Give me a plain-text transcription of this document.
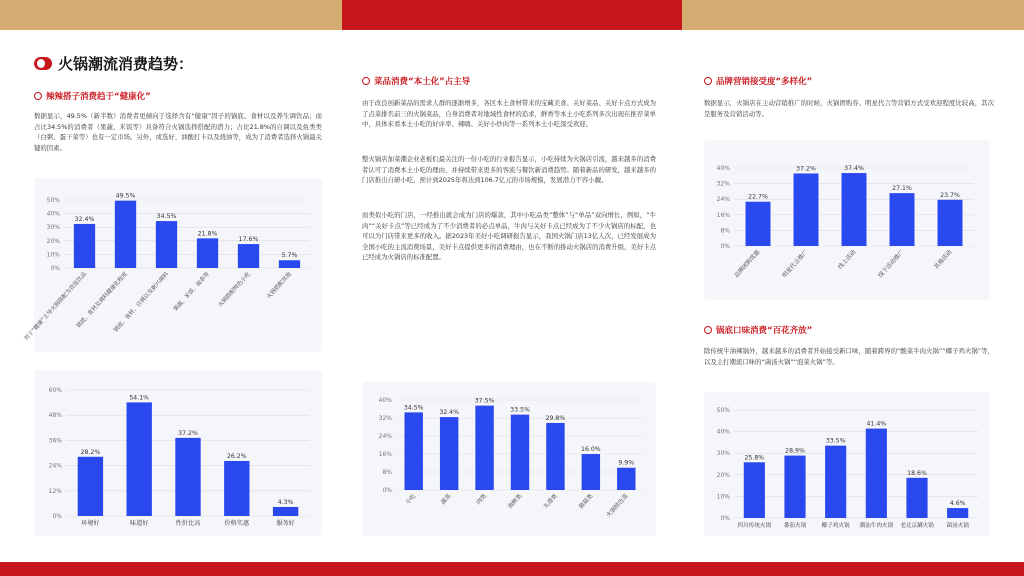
火锅潮流消费趋势：
辣辣搭子消费趋于“健康化”
数据显示，49.5%（新半数）消费者更倾向于选择含有“健康”因子的锅底、食材以及养生调饮品；而占比34.5%的消费者（果蔬、米饭等）具备符合火锅选择搭配的潜力；占比21.8%的自调以及鱼类类（白粥、蛋干菜等）也有一定市场。另外，或选好、油酸打卡以及烧油等，成为了消费者选择火锅最关键的因素。
0%
10%
20%
30%
40%
50%
32.4%
对于“健康”主导火锅搭配为首选饮品
49.5%
锅底、食材及调料健康化程度
34.5%
锅底、食材、自调以及新兴调料
21.8%
果蔬、米饭、面条等
17.6%
火锅搭配特色小吃
5.7%
火锅搭配其他
0%
12%
24%
36%
48%
60%
28.2%
环境好
54.1%
味道好
37.2%
性价比高
26.2%
价格实惠
4.3%
服务好
菜品消费“本土化”占主导
由于改良创新菜品的需求人群的逐渐增多，各区本土食材带来的宝藏美食、关好菜品、关好卡点方式成为了点菜排名前三的火锅菜品，自身消费者对地域性食材的追求，鲜香等本土小吃系列多次出现在推荐菜单中，具体来看本土小吃的好评率、辣嗨、关好小炒肉等一系列本土小吃深受欢迎。
整火锅店加菜潮企业老板们最关注的一份小吃的行业报告显示，小吃持续为火锅店引流，越来越多的消费者认可了消费本土小吃的理由，并持续带来更多的客流与餐饮新消费趋势。随着新品的研发，越来越多的门店推出自研小吃，预计到2025年将达到106.7亿元的市场规模，发展潜力不容小觑。
而类似小吃的门店，一经推出就会成为门店的爆款，其中小吃品类“整体”与“单品”双向增长，例如，“牛肉”“关好卡点”等已经成为了不少消费者的必点单品，牛肉与关好卡点已经成为了不少火锅店的标配，也可以为门店带来更多的收入。据2023年美好小吃调研报告显示，我国火锅门店13亿人次，已经发展成为全国小吃的主流消费场景，美好卡点提供更多的消费理由，也在不断的推动火锅店的消费升级，美好卡点已经成为火锅店的标准配置。
0%
8%
16%
24%
32%
40%
34.5%
小吃
32.4%
蔬菜
37.5%
肉类
33.5%
海鲜类
29.8%
丸滑类
16.0%
菌菇类
9.9%
火锅特色菜
品牌营销接受度“多样化”
数据显示，火锅店在主动营销推广的时候，火锅团购券、明星代言等营销方式受欢迎程度比较高，其次是服务及营销活动等。
0%
8%
16%
24%
32%
40%
22.7%
品牌团购优惠
37.2%
明星代言推广
37.4%
线上活动
27.1%
线下活动推广
23.7%
其他活动
锅底口味消费“百花齐放”
除传统牛油辣锅外，越来越多的消费者开始接受新口味，随着跨界的“酸菜牛肉火锅”“椰子鸡火锅”等，以及主打潮流口味的“菌汤火锅”“泡菜火锅”等。
0%
10%
20%
30%
40%
50%
25.8%
四川传统火锅
28.9%
番茄火锅
33.5%
椰子鸡火锅
41.4%
潮汕牛肉火锅
18.6%
老北京涮火锅
4.6%
菌汤火锅
